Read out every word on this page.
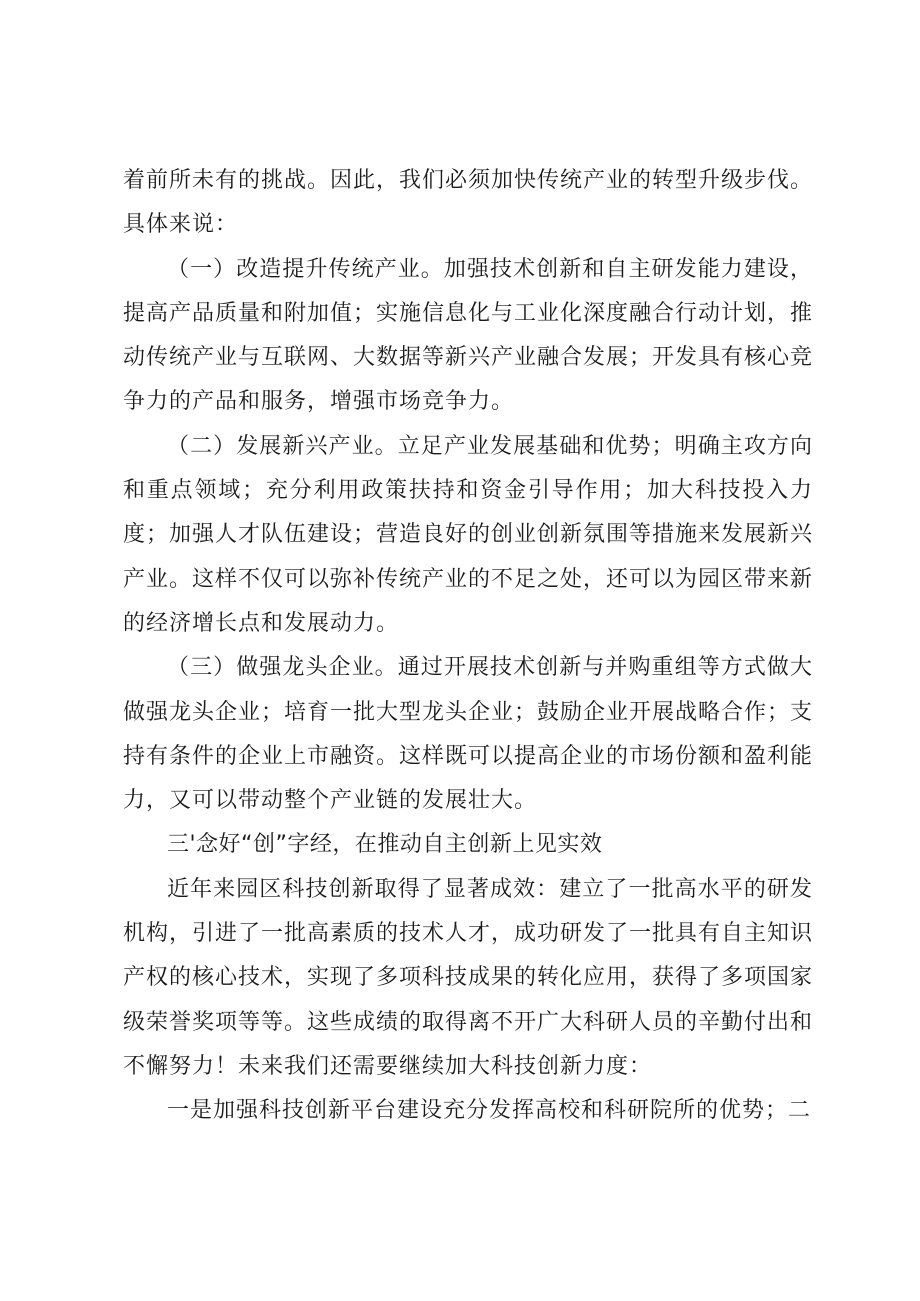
着前所未有的挑战。因此，我们必须加快传统产业的转型升级步伐。具体来说：

（一）改造提升传统产业。加强技术创新和自主研发能力建设，提高产品质量和附加值；实施信息化与工业化深度融合行动计划，推动传统产业与互联网、大数据等新兴产业融合发展；开发具有核心竞争力的产品和服务，增强市场竞争力。

（二）发展新兴产业。立足产业发展基础和优势；明确主攻方向和重点领域；充分利用政策扶持和资金引导作用；加大科技投入力度；加强人才队伍建设；营造良好的创业创新氛围等措施来发展新兴产业。这样不仅可以弥补传统产业的不足之处，还可以为园区带来新的经济增长点和发展动力。

（三）做强龙头企业。通过开展技术创新与并购重组等方式做大做强龙头企业；培育一批大型龙头企业；鼓励企业开展战略合作；支持有条件的企业上市融资。这样既可以提高企业的市场份额和盈利能力，又可以带动整个产业链的发展壮大。

三'念好“创”字经，在推动自主创新上见实效

近年来园区科技创新取得了显著成效：建立了一批高水平的研发机构，引进了一批高素质的技术人才，成功研发了一批具有自主知识产权的核心技术，实现了多项科技成果的转化应用，获得了多项国家级荣誉奖项等等。这些成绩的取得离不开广大科研人员的辛勤付出和不懈努力！未来我们还需要继续加大科技创新力度：

一是加强科技创新平台建设充分发挥高校和科研院所的优势；二
